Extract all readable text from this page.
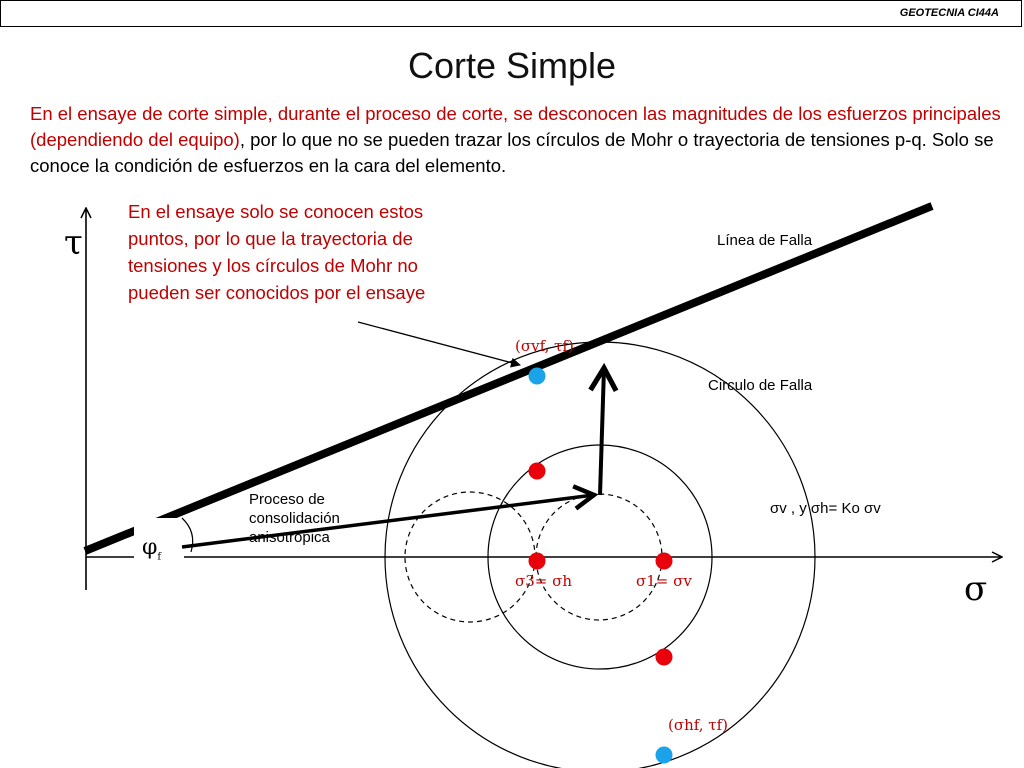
GEOTECNIA CI44A
Corte Simple
En el ensaye de corte simple, durante el proceso de corte, se desconocen las magnitudes de los esfuerzos principales (dependiendo del equipo), por lo que no se pueden trazar los círculos de Mohr o trayectoria de tensiones p-q. Solo se conoce la condición de esfuerzos en la cara del elemento.
En el ensaye solo se conocen estos puntos, por lo que la trayectoria de tensiones y los círculos de Mohr no pueden ser conocidos por el ensaye
τ
σ
Línea de Falla
Circulo de Falla
(σvf, τf)
(σhf, τf)
Proceso de consolidación anisotrópica
σv , y σh= Ko σv
σ3= σh	σ1= σv
$\varphi_f$
